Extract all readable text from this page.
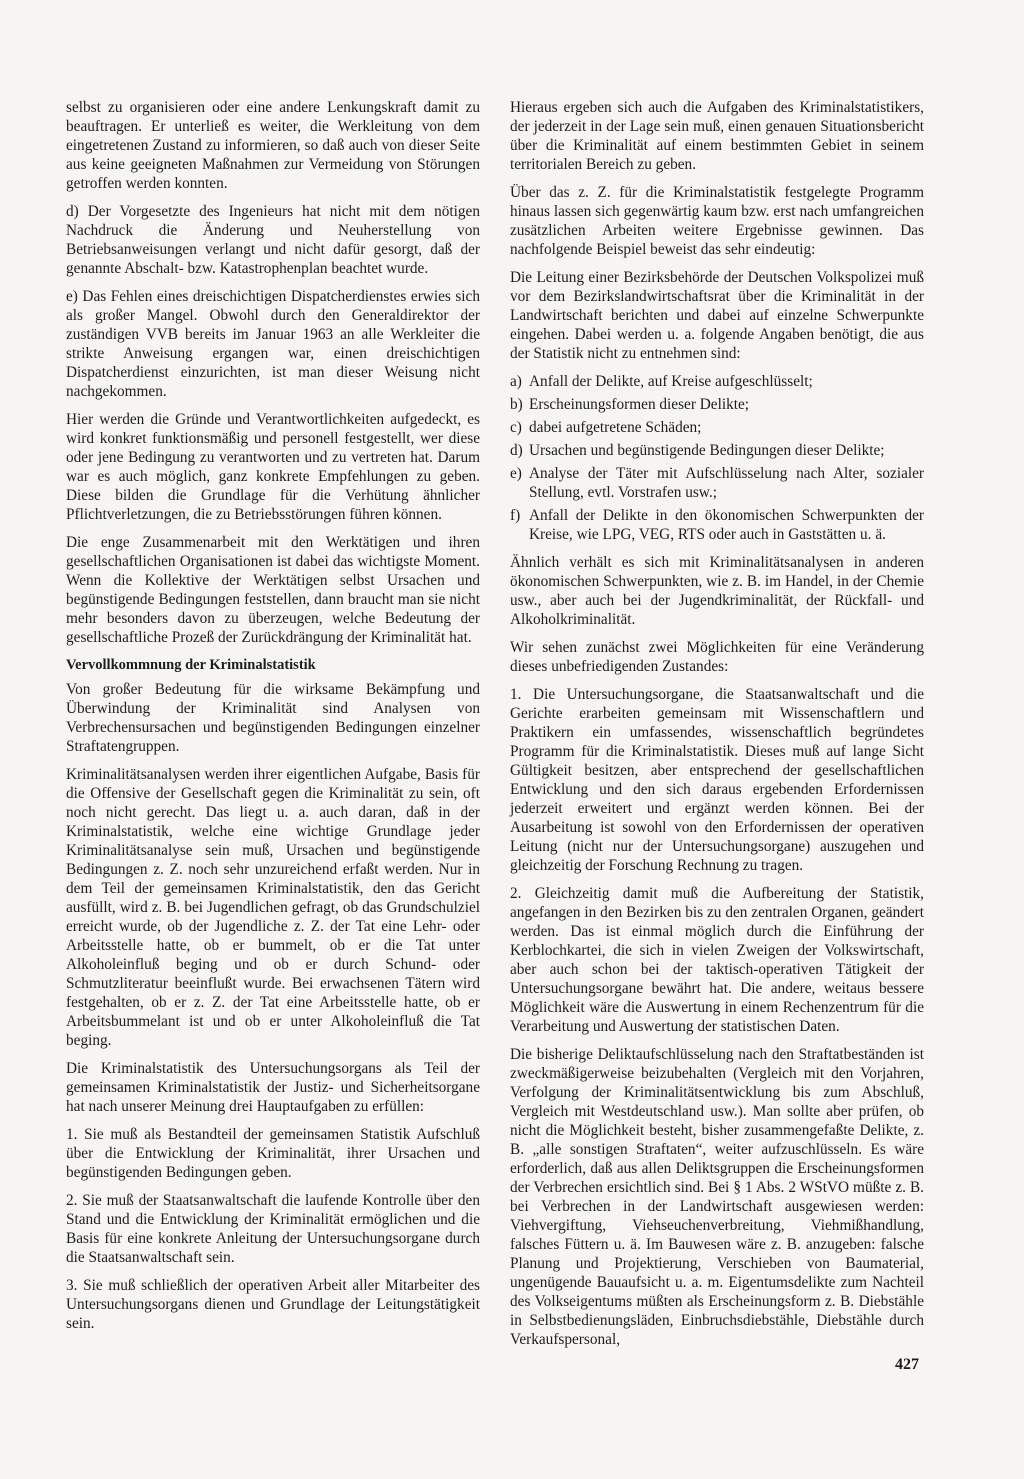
selbst zu organisieren oder eine andere Lenkungskraft damit zu beauftragen. Er unterließ es weiter, die Werkleitung von dem eingetretenen Zustand zu informieren, so daß auch von dieser Seite aus keine geeigneten Maßnahmen zur Vermeidung von Störungen getroffen werden konnten.

d) Der Vorgesetzte des Ingenieurs hat nicht mit dem nötigen Nachdruck die Änderung und Neuherstellung von Betriebsanweisungen verlangt und nicht dafür gesorgt, daß der genannte Abschalt- bzw. Katastrophenplan beachtet wurde.

e) Das Fehlen eines dreischichtigen Dispatcherdienstes erwies sich als großer Mangel. Obwohl durch den Generaldirektor der zuständigen VVB bereits im Januar 1963 an alle Werkleiter die strikte Anweisung ergangen war, einen dreischichtigen Dispatcherdienst einzurichten, ist man dieser Weisung nicht nachgekommen.

Hier werden die Gründe und Verantwortlichkeiten aufgedeckt, es wird konkret funktionsmäßig und personell festgestellt, wer diese oder jene Bedingung zu verantworten und zu vertreten hat. Darum war es auch möglich, ganz konkrete Empfehlungen zu geben. Diese bilden die Grundlage für die Verhütung ähnlicher Pflichtverletzungen, die zu Betriebsstörungen führen können.

Die enge Zusammenarbeit mit den Werktätigen und ihren gesellschaftlichen Organisationen ist dabei das wichtigste Moment. Wenn die Kollektive der Werktätigen selbst Ursachen und begünstigende Bedingungen feststellen, dann braucht man sie nicht mehr besonders davon zu überzeugen, welche Bedeutung der gesellschaftliche Prozeß der Zurückdrängung der Kriminalität hat.

Vervollkommnung der Kriminalstatistik

Von großer Bedeutung für die wirksame Bekämpfung und Überwindung der Kriminalität sind Analysen von Verbrechensursachen und begünstigenden Bedingungen einzelner Straftatengruppen.

Kriminalitätsanalysen werden ihrer eigentlichen Aufgabe, Basis für die Offensive der Gesellschaft gegen die Kriminalität zu sein, oft noch nicht gerecht. Das liegt u. a. auch daran, daß in der Kriminalstatistik, welche eine wichtige Grundlage jeder Kriminalitätsanalyse sein muß, Ursachen und begünstigende Bedingungen z. Z. noch sehr unzureichend erfaßt werden. Nur in dem Teil der gemeinsamen Kriminalstatistik, den das Gericht ausfüllt, wird z. B. bei Jugendlichen gefragt, ob das Grundschulziel erreicht wurde, ob der Jugendliche z. Z. der Tat eine Lehr- oder Arbeitsstelle hatte, ob er bummelt, ob er die Tat unter Alkoholeinfluß beging und ob er durch Schund- oder Schmutzliteratur beeinflußt wurde. Bei erwachsenen Tätern wird festgehalten, ob er z. Z. der Tat eine Arbeitsstelle hatte, ob er Arbeitsbummelant ist und ob er unter Alkoholeinfluß die Tat beging.

Die Kriminalstatistik des Untersuchungsorgans als Teil der gemeinsamen Kriminalstatistik der Justiz- und Sicherheitsorgane hat nach unserer Meinung drei Hauptaufgaben zu erfüllen:

1. Sie muß als Bestandteil der gemeinsamen Statistik Aufschluß über die Entwicklung der Kriminalität, ihrer Ursachen und begünstigenden Bedingungen geben.

2. Sie muß der Staatsanwaltschaft die laufende Kontrolle über den Stand und die Entwicklung der Kriminalität ermöglichen und die Basis für eine konkrete Anleitung der Untersuchungsorgane durch die Staatsanwaltschaft sein.

3. Sie muß schließlich der operativen Arbeit aller Mitarbeiter des Untersuchungsorgans dienen und Grundlage der Leitungstätigkeit sein.

Hieraus ergeben sich auch die Aufgaben des Kriminalstatistikers, der jederzeit in der Lage sein muß, einen genauen Situationsbericht über die Kriminalität auf einem bestimmten Gebiet in seinem territorialen Bereich zu geben.

Über das z. Z. für die Kriminalstatistik festgelegte Programm hinaus lassen sich gegenwärtig kaum bzw. erst nach umfangreichen zusätzlichen Arbeiten weitere Ergebnisse gewinnen. Das nachfolgende Beispiel beweist das sehr eindeutig:

Die Leitung einer Bezirksbehörde der Deutschen Volkspolizei muß vor dem Bezirkslandwirtschaftsrat über die Kriminalität in der Landwirtschaft berichten und dabei auf einzelne Schwerpunkte eingehen. Dabei werden u. a. folgende Angaben benötigt, die aus der Statistik nicht zu entnehmen sind:

a) Anfall der Delikte, auf Kreise aufgeschlüsselt;

b) Erscheinungsformen dieser Delikte;

c) dabei aufgetretene Schäden;

d) Ursachen und begünstigende Bedingungen dieser Delikte;

e) Analyse der Täter mit Aufschlüsselung nach Alter, sozialer Stellung, evtl. Vorstrafen usw.;

f) Anfall der Delikte in den ökonomischen Schwerpunkten der Kreise, wie LPG, VEG, RTS oder auch in Gaststätten u. ä.

Ähnlich verhält es sich mit Kriminalitätsanalysen in anderen ökonomischen Schwerpunkten, wie z. B. im Handel, in der Chemie usw., aber auch bei der Jugendkriminalität, der Rückfall- und Alkoholkriminalität.

Wir sehen zunächst zwei Möglichkeiten für eine Veränderung dieses unbefriedigenden Zustandes:

1. Die Untersuchungsorgane, die Staatsanwaltschaft und die Gerichte erarbeiten gemeinsam mit Wissenschaftlern und Praktikern ein umfassendes, wissenschaftlich begründetes Programm für die Kriminalstatistik. Dieses muß auf lange Sicht Gültigkeit besitzen, aber entsprechend der gesellschaftlichen Entwicklung und den sich daraus ergebenden Erfordernissen jederzeit erweitert und ergänzt werden können. Bei der Ausarbeitung ist sowohl von den Erfordernissen der operativen Leitung (nicht nur der Untersuchungsorgane) auszugehen und gleichzeitig der Forschung Rechnung zu tragen.

2. Gleichzeitig damit muß die Aufbereitung der Statistik, angefangen in den Bezirken bis zu den zentralen Organen, geändert werden. Das ist einmal möglich durch die Einführung der Kerblochkartei, die sich in vielen Zweigen der Volkswirtschaft, aber auch schon bei der taktisch-operativen Tätigkeit der Untersuchungsorgane bewährt hat. Die andere, weitaus bessere Möglichkeit wäre die Auswertung in einem Rechenzentrum für die Verarbeitung und Auswertung der statistischen Daten.

Die bisherige Deliktaufschlüsselung nach den Straftatbeständen ist zweckmäßigerweise beizubehalten (Vergleich mit den Vorjahren, Verfolgung der Kriminalitätsentwicklung bis zum Abschluß, Vergleich mit Westdeutschland usw.). Man sollte aber prüfen, ob nicht die Möglichkeit besteht, bisher zusammengefaßte Delikte, z. B. „alle sonstigen Straftaten“, weiter aufzuschlüsseln. Es wäre erforderlich, daß aus allen Deliktsgruppen die Erscheinungsformen der Verbrechen ersichtlich sind. Bei § 1 Abs. 2 WStVO müßte z. B. bei Verbrechen in der Landwirtschaft ausgewiesen werden: Viehvergiftung, Viehseuchenverbreitung, Viehmißhandlung, falsches Füttern u. ä. Im Bauwesen wäre z. B. anzugeben: falsche Planung und Projektierung, Verschieben von Baumaterial, ungenügende Bauaufsicht u. a. m. Eigentumsdelikte zum Nachteil des Volkseigentums müßten als Erscheinungsform z. B. Diebstähle in Selbstbedienungsläden, Einbruchsdiebstähle, Diebstähle durch Verkaufspersonal,

427
